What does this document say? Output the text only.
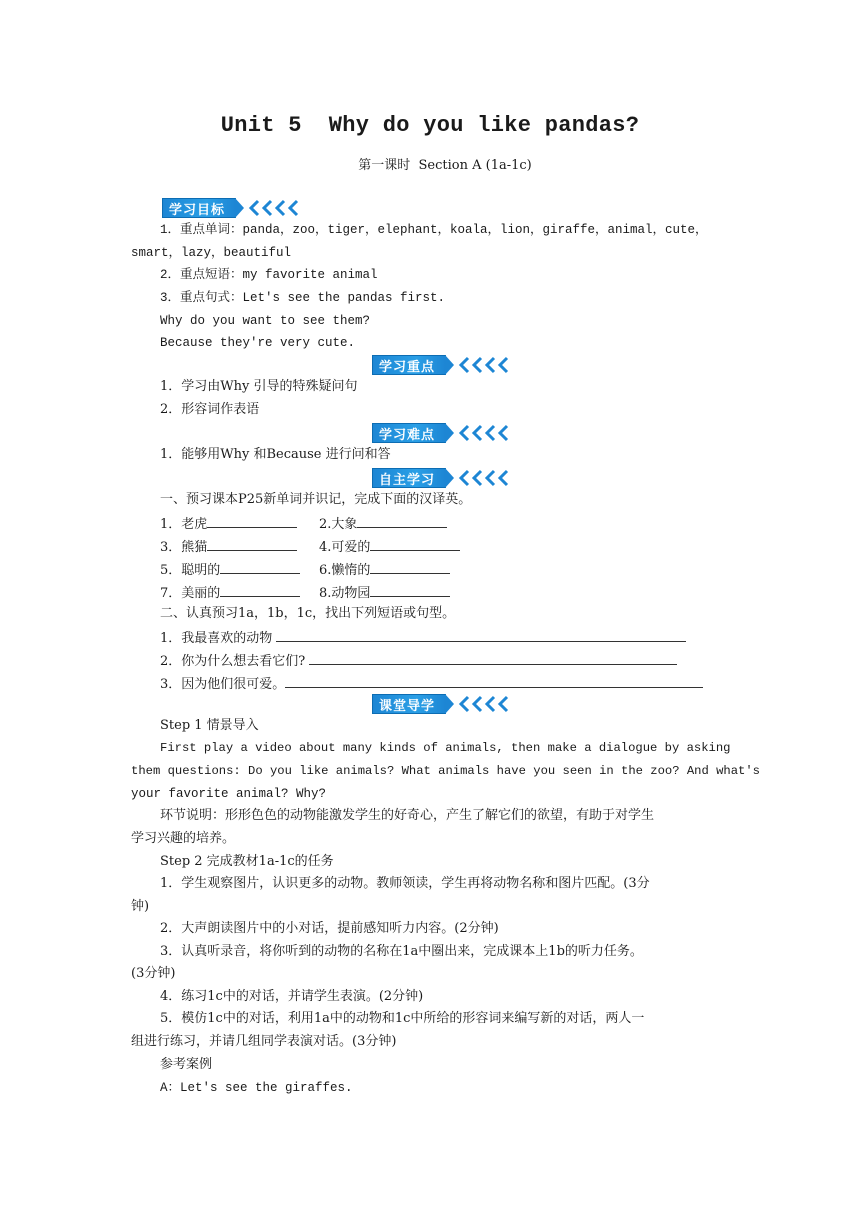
Unit 5  Why do you like pandas?
第一课时  Section A (1a-1c)
学习目标
1．重点单词：panda，zoo，tiger，elephant，koala，lion，giraffe，animal，cute，
smart，lazy，beautiful
2．重点短语：my favorite animal
3．重点句式：Let's see the pandas first.
Why do you want to see them?
Because they're very cute.
学习重点
1．学习由Why 引导的特殊疑问句
2．形容词作表语
学习难点
1．能够用Why 和Because 进行问和答
自主学习
一、预习课本P25新单词并识记，完成下面的汉译英。
1．老虎	2.大象
3．熊猫	4.可爱的
5．聪明的	6.懒惰的
7．美丽的	8.动物园
二、认真预习1a，1b，1c，找出下列短语或句型。
1．我最喜欢的动物
2．你为什么想去看它们?
3．因为他们很可爱。
课堂导学
Step 1 情景导入
First play a video about many kinds of animals, then make a dialogue by asking
them questions: Do you like animals? What animals have you seen in the zoo? And what's
your favorite animal? Why?
环节说明：形形色色的动物能激发学生的好奇心，产生了解它们的欲望，有助于对学生
学习兴趣的培养。
Step 2 完成教材1a-1c的任务
1．学生观察图片，认识更多的动物。教师领读，学生再将动物名称和图片匹配。(3分
钟)
2．大声朗读图片中的小对话，提前感知听力内容。(2分钟)
3．认真听录音，将你听到的动物的名称在1a中圈出来，完成课本上1b的听力任务。
(3分钟)
4．练习1c中的对话，并请学生表演。(2分钟)
5．模仿1c中的对话，利用1a中的动物和1c中所给的形容词来编写新的对话，两人一
组进行练习，并请几组同学表演对话。(3分钟)
参考案例
A：Let's see the giraffes.
